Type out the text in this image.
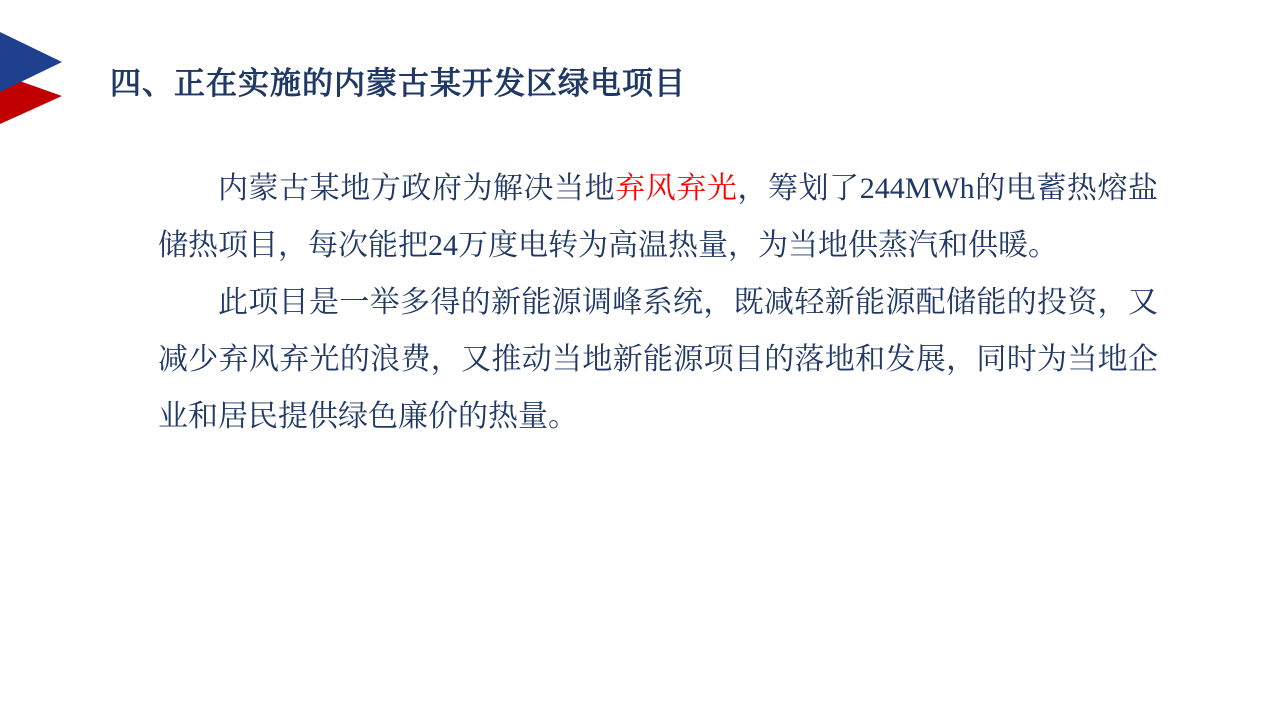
四、正在实施的内蒙古某开发区绿电项目

内蒙古某地方政府为解决当地弃风弃光，筹划了244MWh的电蓄热熔盐储热项目，每次能把24万度电转为高温热量，为当地供蒸汽和供暖。

此项目是一举多得的新能源调峰系统，既减轻新能源配储能的投资，又减少弃风弃光的浪费，又推动当地新能源项目的落地和发展，同时为当地企业和居民提供绿色廉价的热量。
